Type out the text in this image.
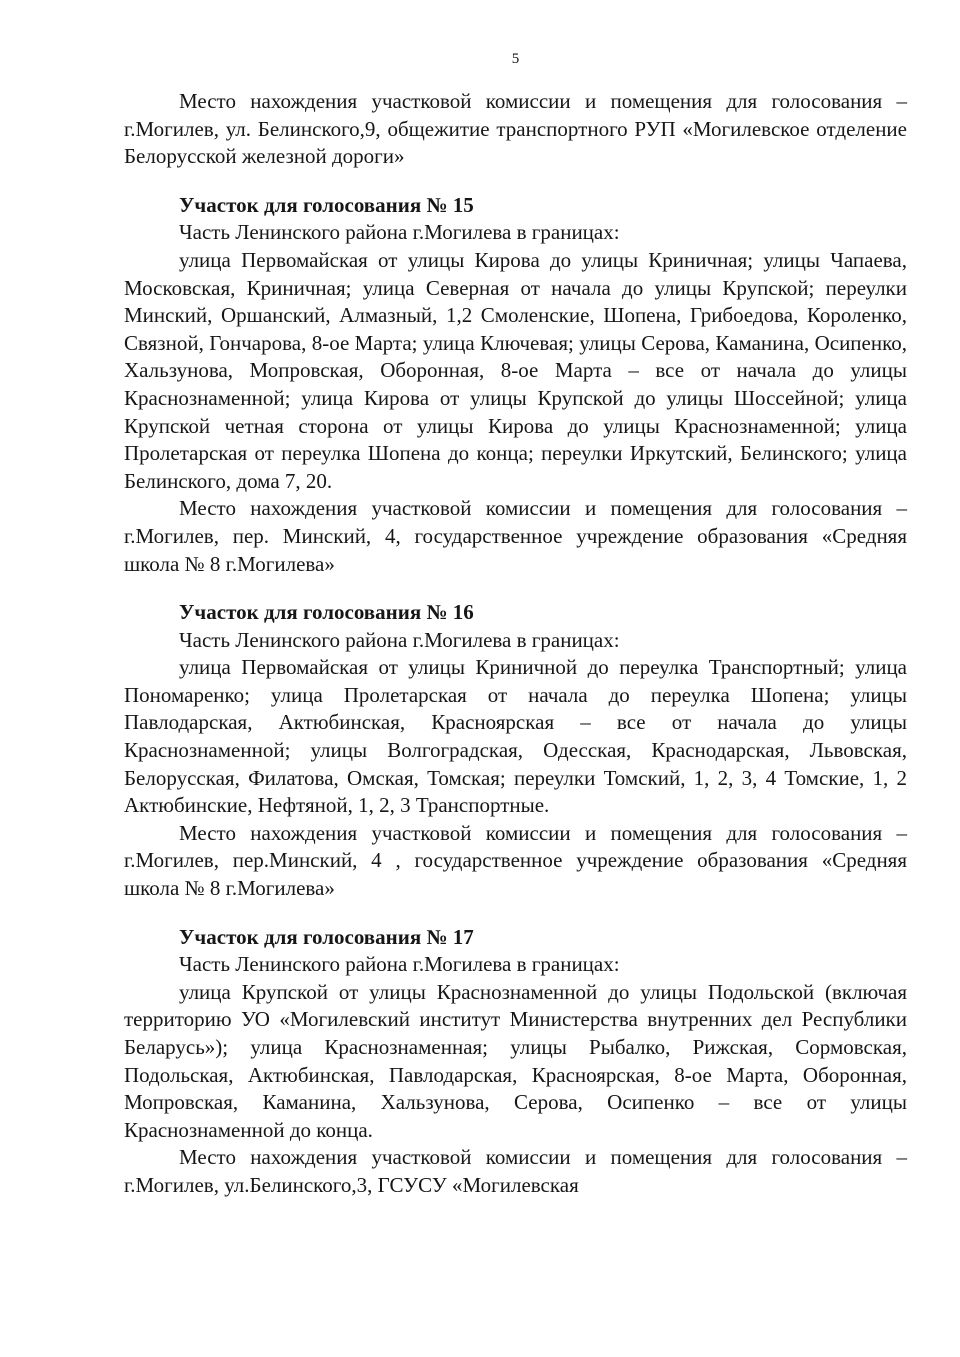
5

Место нахождения участковой комиссии и помещения для голосования – г.Могилев, ул. Белинского,9, общежитие транспортного РУП «Могилевское отделение Белорусской железной дороги»

Участок для голосования № 15
Часть Ленинского района г.Могилева в границах:

улица Первомайская от улицы Кирова до улицы Криничная; улицы Чапаева, Московская, Криничная; улица Северная от начала до улицы Крупской; переулки Минский, Оршанский, Алмазный, 1,2 Смоленские, Шопена, Грибоедова, Короленко, Связной, Гончарова, 8-ое Марта; улица Ключевая; улицы Серова, Каманина, Осипенко, Хальзунова, Мопровская, Оборонная, 8-ое Марта – все от начала до улицы Краснознаменной; улица Кирова от улицы Крупской до улицы Шоссейной; улица Крупской четная сторона от улицы Кирова до улицы Краснознаменной; улица Пролетарская от переулка Шопена до конца; переулки Иркутский, Белинского; улица Белинского, дома 7, 20.

Место нахождения участковой комиссии и помещения для голосования – г.Могилев, пер. Минский, 4, государственное учреждение образования «Средняя школа № 8 г.Могилева»

Участок для голосования № 16
Часть Ленинского района г.Могилева в границах:

улица Первомайская от улицы Криничной до переулка Транспортный; улица Пономаренко; улица Пролетарская от начала до переулка Шопена; улицы Павлодарская, Актюбинская, Красноярская – все от начала до улицы Краснознаменной; улицы Волгоградская, Одесская, Краснодарская, Львовская, Белорусская, Филатова, Омская, Томская; переулки Томский, 1, 2, 3, 4 Томские, 1, 2 Актюбинские, Нефтяной, 1, 2, 3 Транспортные.

Место нахождения участковой комиссии и помещения для голосования – г.Могилев, пер.Минский, 4 , государственное учреждение образования «Средняя школа № 8 г.Могилева»

Участок для голосования № 17
Часть Ленинского района г.Могилева в границах:

улица Крупской от улицы Краснознаменной до улицы Подольской (включая территорию УО «Могилевский институт Министерства внутренних дел Республики Беларусь»); улица Краснознаменная; улицы Рыбалко, Рижская, Сормовская, Подольская, Актюбинская, Павлодарская, Красноярская, 8-ое Марта, Оборонная, Мопровская, Каманина, Хальзунова, Серова, Осипенко – все от улицы Краснознаменной до конца.

Место нахождения участковой комиссии и помещения для голосования – г.Могилев, ул.Белинского,3, ГСУСУ «Могилевская
